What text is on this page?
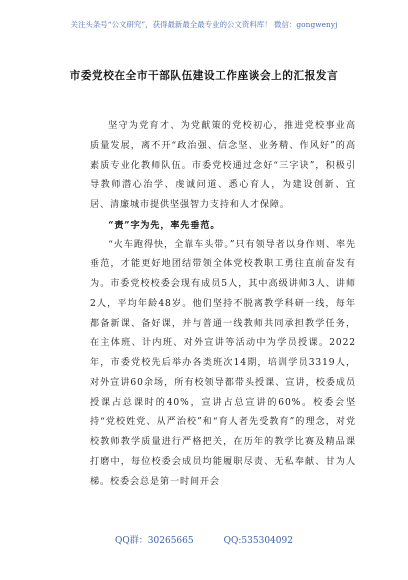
关注头条号“公文研究”，获得最新最全最专业的公文资料库！ 微信：gongwenyj
市委党校在全市干部队伍建设工作座谈会上的汇报发言

坚守为党育才、为党献策的党校初心，推进党校事业高质量发展，离不开“政治强、信念坚、业务精、作风好”的高素质专业化教师队伍。市委党校通过念好“三字诀”，积极引导教师潜心治学、虔诚问道、悉心育人，为建设创新、宜居、清廉城市提供坚强智力支持和人才保障。

“责”字为先，率先垂范。

“火车跑得快，全靠车头带。”只有领导者以身作则、率先垂范，才能更好地团结带领全体党校教职工勇往直前奋发有为。市委党校校委会现有成员5人，其中高级讲师3人、讲师2人，平均年龄48岁。他们坚持不脱离教学科研一线，每年都备新课、备好课，并与普通一线教师共同承担教学任务，在主体班、计内班、对外宣讲等活动中为学员授课。2022年，市委党校先后举办各类班次14期，培训学员3319人，对外宣讲60余场，所有校领导都带头授课、宣讲，校委成员授课占总课时的40%，宣讲占总宣讲的60%。校委会坚持“党校姓党、从严治校”和“育人者先受教育”的理念，对党校教师教学质量进行严格把关，在历年的教学比赛及精品课打磨中，每位校委会成员均能履职尽责、无私奉献、甘为人梯。校委会总是第一时间开会

QQ群：30265665	QQ:535304092
